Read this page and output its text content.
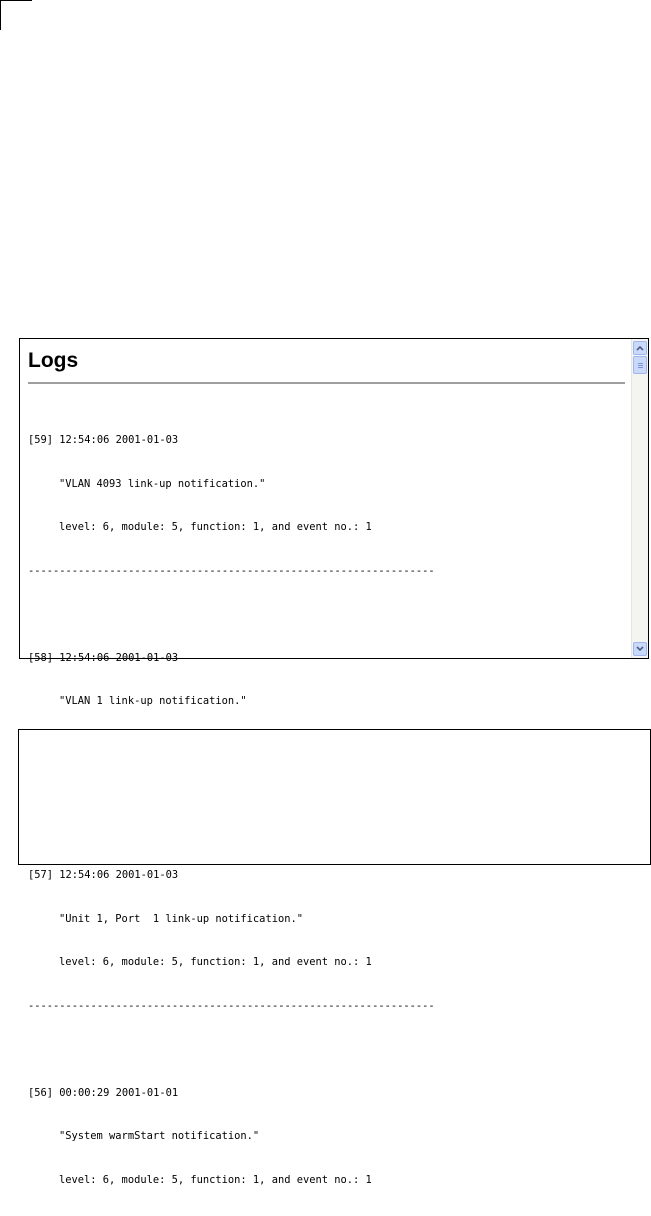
Logs

[59] 12:54:06 2001-01-03

"VLAN 4093 link-up notification."

level: 6, module: 5, function: 1, and event no.: 1

-----------------------------------------------------------------

[58] 12:54:06 2001-01-03

"VLAN 1 link-up notification."

[57] 12:54:06 2001-01-03

"Unit 1, Port  1 link-up notification."

level: 6, module: 5, function: 1, and event no.: 1

-----------------------------------------------------------------

[56] 00:00:29 2001-01-01

"System warmStart notification."

level: 6, module: 5, function: 1, and event no.: 1
